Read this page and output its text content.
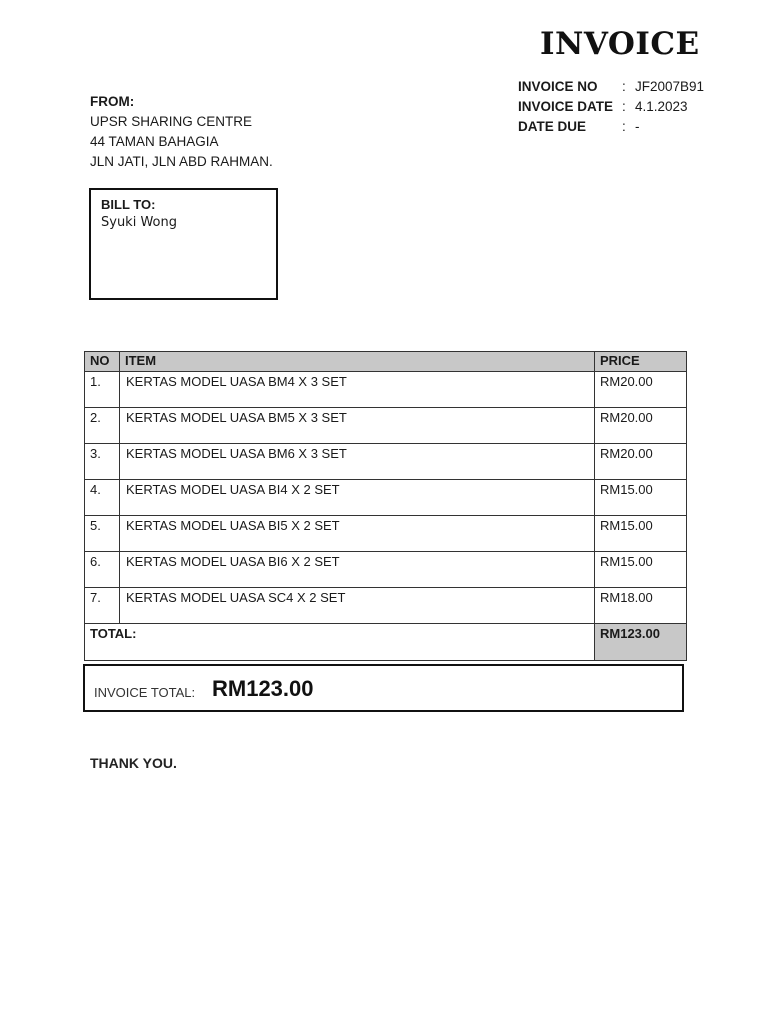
INVOICE
INVOICE NO : JF2007B91
INVOICE DATE : 4.1.2023
DATE DUE	: -
FROM:
UPSR SHARING CENTRE
44 TAMAN BAHAGIA
JLN JATI, JLN ABD RAHMAN.
BILL TO:
Syuki Wong
NO	ITEM	PRICE
1.	KERTAS MODEL UASA BM4 X 3 SET	RM20.00
2.	KERTAS MODEL UASA BM5 X 3 SET	RM20.00
3.	KERTAS MODEL UASA BM6 X 3 SET	RM20.00
4.	KERTAS MODEL UASA BI4 X 2 SET	RM15.00
5.	KERTAS MODEL UASA BI5 X 2 SET	RM15.00
6.	KERTAS MODEL UASA BI6 X 2 SET	RM15.00
7.	KERTAS MODEL UASA SC4 X 2 SET	RM18.00
TOTAL:		RM123.00
INVOICE TOTAL: RM123.00
THANK YOU.
